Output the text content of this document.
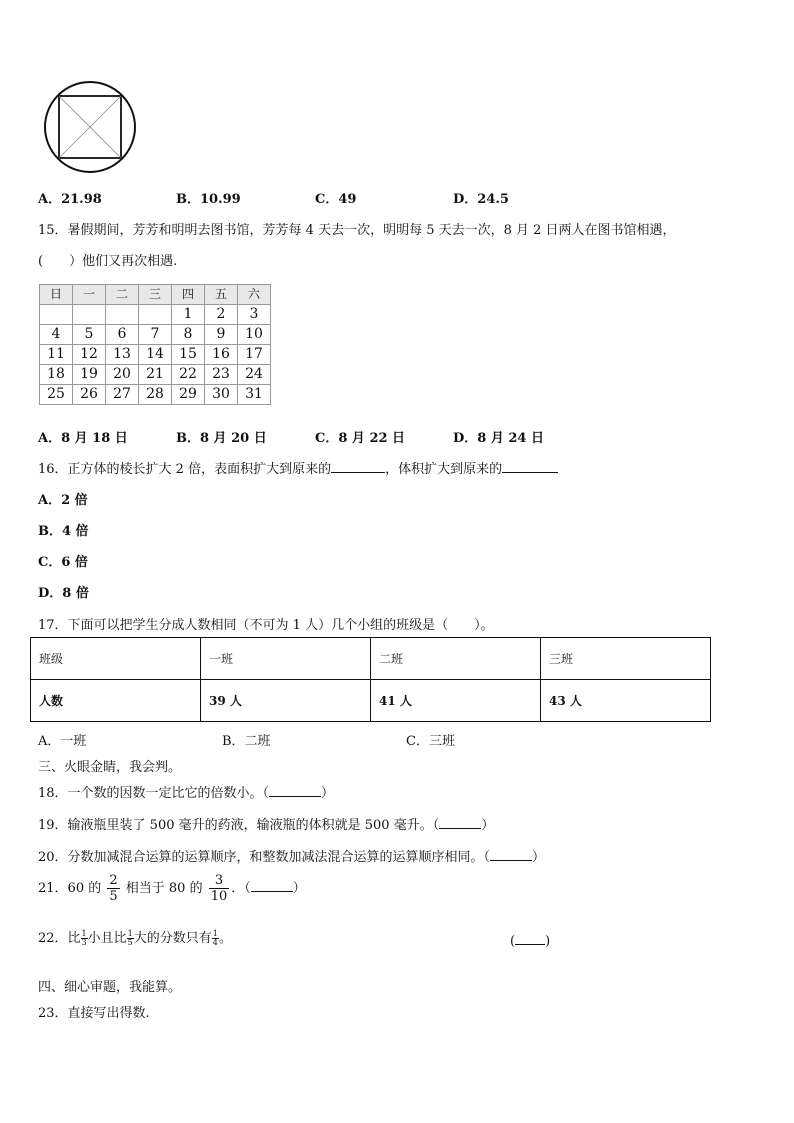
A．21.98	B．10.99	C．49	D．24.5
15．暑假期间，芳芳和明明去图书馆，芳芳每 4 天去一次，明明每 5 天去一次，8 月 2 日两人在图书馆相遇，
(　　）他们又再次相遇.
日	一	二	三	四	五	六
				1	2	3
4	5	6	7	8	9	10
11	12	13	14	15	16	17
18	19	20	21	22	23	24
25	26	27	28	29	30	31
A．8 月 18 日	B．8 月 20 日	C．8 月 22 日	D．8 月 24 日
16．正方体的棱长扩大 2 倍，表面积扩大到原来的	，体积扩大到原来的
A．2 倍
B．4 倍
C．6 倍
D．8 倍
17．下面可以把学生分成人数相同（不可为 1 人）几个小组的班级是（　　）。
班级	一班	二班	三班
人数	39 人	41 人	43 人
A．一班	B．二班	C．三班
三、火眼金睛，我会判。
18．一个数的因数一定比它的倍数小。（	）
19．输液瓶里装了 500 毫升的药液，输液瓶的体积就是 500 毫升。（	）
20．分数加减混合运算的运算顺序，和整数加减法混合运算的运算顺序相同。（	）
21．60 的 $\frac{2}{5}$ 相当于 80 的 $\frac{3}{10}$ ．（	）
22．比 $\frac{1}{3}$ 小且比 $\frac{1}{5}$ 大的分数只有 $\frac{1}{4}$ 。	( )
四、细心审题，我能算。
23．直接写出得数.
